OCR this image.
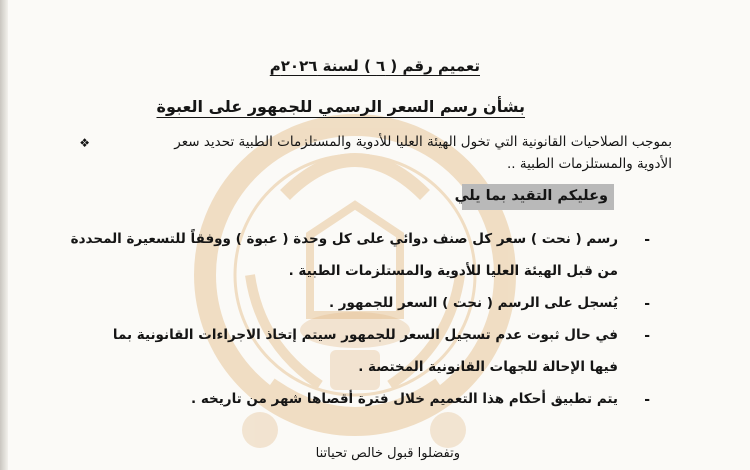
تعميم رقم ( ٦ ) لسنة ٢٠٢٦م
بشأن رسم السعر الرسمي للجمهور على العبوة
❖	بموجب الصلاحيات القانونية التي تخول الهيئة العليا للأدوية والمستلزمات الطبية تحديد سعر
الأدوية والمستلزمات الطبية ..
وعليكم التقيد بما يلي
-
رسم ( نحت ) سعر كل صنف دوائي على كل وحدة ( عبوة ) ووفقاً للتسعيرة المحددة
من قبل الهيئة العليا للأدوية والمستلزمات الطبية .
-
يُسجل على الرسم ( نحت ) السعر للجمهور .
-
في حال ثبوت عدم تسجيل السعر للجمهور سيتم إتخاذ الاجراءات القانونية بما
فيها الإحالة للجهات القانونية المختصة .
-
يتم تطبيق أحكام هذا التعميم خلال فترة أقصاها شهر من تاريخه .
وتفضلوا قبول خالص تحياتنا
